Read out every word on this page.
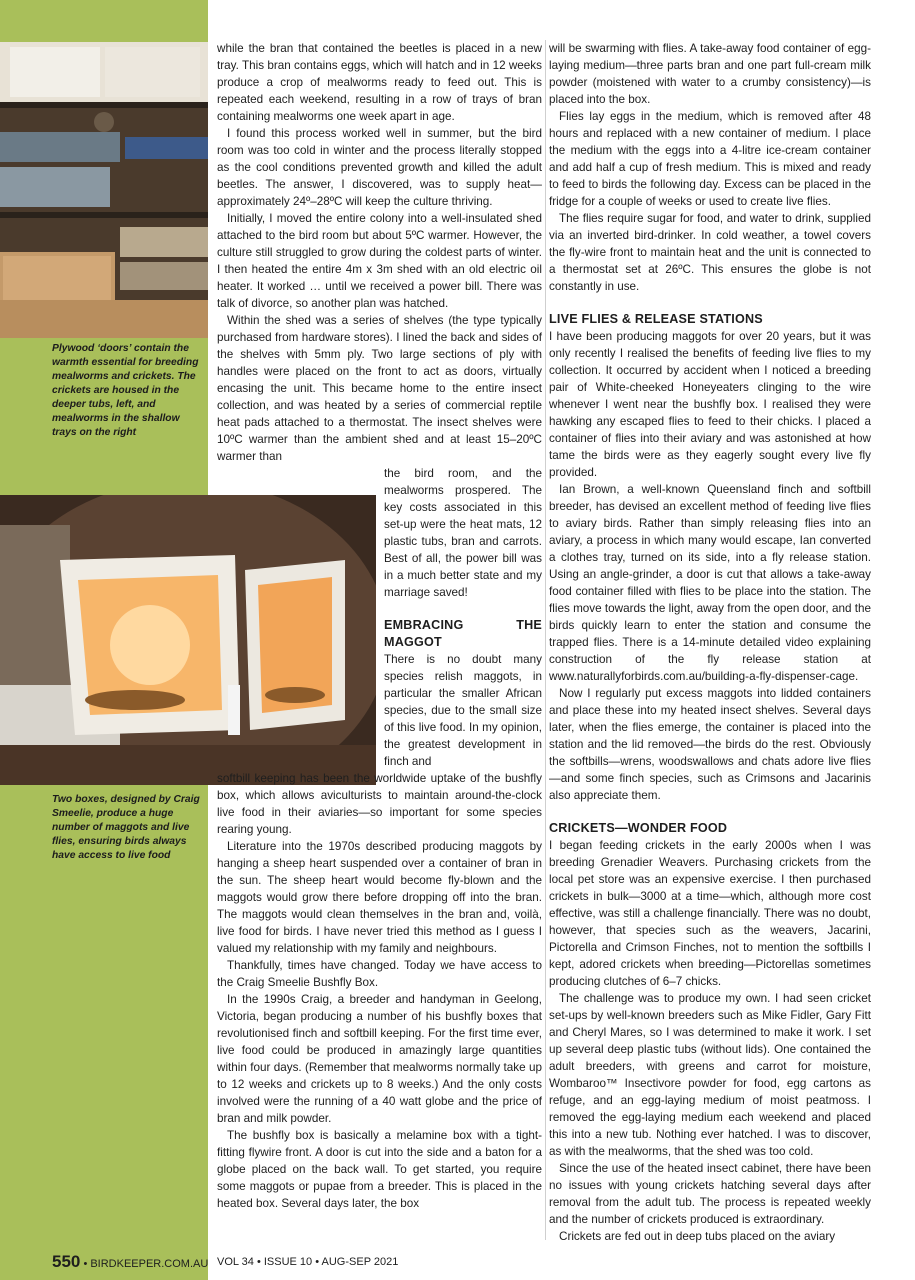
Plywood ‘doors’ contain the warmth essential for breeding mealworms and crickets. The crickets are housed in the deeper tubs, left, and mealworms in the shallow trays on the right
Two boxes, designed by Craig Smeelie, produce a huge number of maggots and live flies, ensuring birds always have access to live food

while the bran that contained the beetles is placed in a new tray. This bran contains eggs, which will hatch and in 12 weeks produce a crop of mealworms ready to feed out. This is repeated each weekend, resulting in a row of trays of bran containing mealworms one week apart in age.

I found this process worked well in summer, but the bird room was too cold in winter and the process literally stopped as the cool conditions prevented growth and killed the adult beetles. The answer, I discovered, was to supply heat—approximately 24º–28ºC will keep the culture thriving.

Initially, I moved the entire colony into a well-insulated shed attached to the bird room but about 5ºC warmer. However, the culture still struggled to grow during the coldest parts of winter. I then heated the entire 4m x 3m shed with an old electric oil heater. It worked … until we received a power bill. There was talk of divorce, so another plan was hatched.

Within the shed was a series of shelves (the type typically purchased from hardware stores). I lined the back and sides of the shelves with 5mm ply. Two large sections of ply with handles were placed on the front to act as doors, virtually encasing the unit. This became home to the entire insect collection, and was heated by a series of commercial reptile heat pads attached to a thermostat. The insect shelves were 10ºC warmer than the ambient shed and at least 15–20ºC warmer than

the bird room, and the mealworms prospered. The key costs associated in this set-up were the heat mats, 12 plastic tubs, bran and carrots. Best of all, the power bill was in a much better state and my marriage saved!

EMBRACING THE MAGGOT

There is no doubt many species relish maggots, in particular the smaller African species, due to the small size of this live food. In my opinion, the greatest development in finch and

softbill keeping has been the worldwide uptake of the bushfly box, which allows aviculturists to maintain around-the-clock live food in their aviaries—so important for some species rearing young.

Literature into the 1970s described producing maggots by hanging a sheep heart suspended over a container of bran in the sun. The sheep heart would become fly-blown and the maggots would grow there before dropping off into the bran. The maggots would clean themselves in the bran and, voilà, live food for birds. I have never tried this method as I guess I valued my relationship with my family and neighbours.

Thankfully, times have changed. Today we have access to the Craig Smeelie Bushfly Box.

In the 1990s Craig, a breeder and handyman in Geelong, Victoria, began producing a number of his bushfly boxes that revolutionised finch and softbill keeping. For the first time ever, live food could be produced in amazingly large quantities within four days. (Remember that mealworms normally take up to 12 weeks and crickets up to 8 weeks.) And the only costs involved were the running of a 40 watt globe and the price of bran and milk powder.

The bushfly box is basically a melamine box with a tight-fitting flywire front. A door is cut into the side and a baton for a globe placed on the back wall. To get started, you require some maggots or pupae from a breeder. This is placed in the heated box. Several days later, the box

will be swarming with flies. A take-away food container of egg-laying medium—three parts bran and one part full-cream milk powder (moistened with water to a crumby consistency)—is placed into the box.

Flies lay eggs in the medium, which is removed after 48 hours and replaced with a new container of medium. I place the medium with the eggs into a 4-litre ice-cream container and add half a cup of fresh medium. This is mixed and ready to feed to birds the following day. Excess can be placed in the fridge for a couple of weeks or used to create live flies.

The flies require sugar for food, and water to drink, supplied via an inverted bird-drinker. In cold weather, a towel covers the fly-wire front to maintain heat and the unit is connected to a thermostat set at 26ºC. This ensures the globe is not constantly in use.

LIVE FLIES & RELEASE STATIONS

I have been producing maggots for over 20 years, but it was only recently I realised the benefits of feeding live flies to my collection. It occurred by accident when I noticed a breeding pair of White-cheeked Honeyeaters clinging to the wire whenever I went near the bushfly box. I realised they were hawking any escaped flies to feed to their chicks. I placed a container of flies into their aviary and was astonished at how tame the birds were as they eagerly sought every live fly provided.

Ian Brown, a well-known Queensland finch and softbill breeder, has devised an excellent method of feeding live flies to aviary birds. Rather than simply releasing flies into an aviary, a process in which many would escape, Ian converted a clothes tray, turned on its side, into a fly release station. Using an angle-grinder, a door is cut that allows a take-away food container filled with flies to be place into the station. The flies move towards the light, away from the open door, and the birds quickly learn to enter the station and consume the trapped flies. There is a 14-minute detailed video explaining construction of the fly release station at www.naturallyforbirds.com.au/building-a-fly-dispenser-cage.

Now I regularly put excess maggots into lidded containers and place these into my heated insect shelves. Several days later, when the flies emerge, the container is placed into the station and the lid removed—the birds do the rest. Obviously the softbills—wrens, woodswallows and chats adore live flies—and some finch species, such as Crimsons and Jacarinis also appreciate them.

CRICKETS—WONDER FOOD

I began feeding crickets in the early 2000s when I was breeding Grenadier Weavers. Purchasing crickets from the local pet store was an expensive exercise. I then purchased crickets in bulk—3000 at a time—which, although more cost effective, was still a challenge financially. There was no doubt, however, that species such as the weavers, Jacarini, Pictorella and Crimson Finches, not to mention the softbills I kept, adored crickets when breeding—Pictorellas sometimes producing clutches of 6–7 chicks.

The challenge was to produce my own. I had seen cricket set-ups by well-known breeders such as Mike Fidler, Gary Fitt and Cheryl Mares, so I was determined to make it work. I set up several deep plastic tubs (without lids). One contained the adult breeders, with greens and carrot for moisture, Wombaroo™ Insectivore powder for food, egg cartons as refuge, and an egg-laying medium of moist peatmoss. I removed the egg-laying medium each weekend and placed this into a new tub. Nothing ever hatched. I was to discover, as with the mealworms, that the shed was too cold.

Since the use of the heated insect cabinet, there have been no issues with young crickets hatching several days after removal from the adult tub. The process is repeated weekly and the number of crickets produced is extraordinary.

Crickets are fed out in deep tubs placed on the aviary

550 • BIRDKEEPER.COM.AU VOL 34 • ISSUE 10 • AUG-SEP 2021
